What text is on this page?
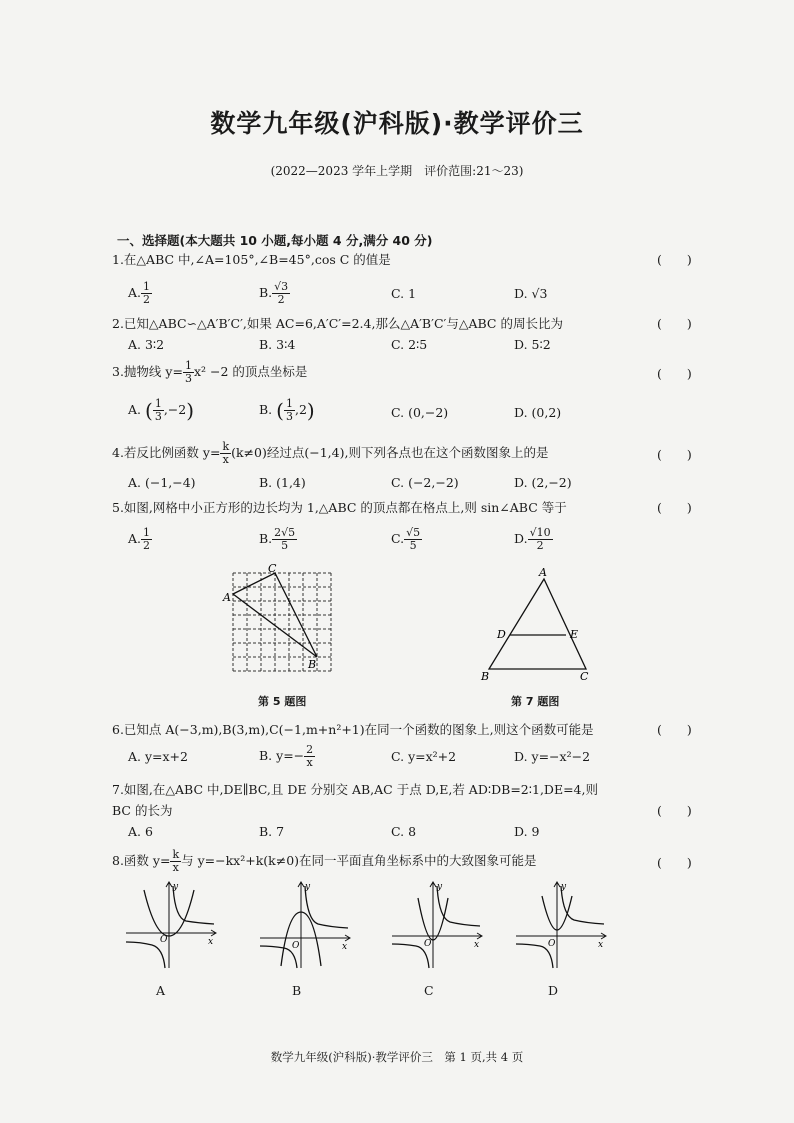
数学九年级(沪科版)·教学评价三
(2022—2023 学年上学期　评价范围:21～23)
一、选择题(本大题共 10 小题,每小题 4 分,满分 40 分)
1.在△ABC 中,∠A=105°,∠B=45°,cos C 的值是	(　　)
A. $\frac{1}{2}$	B. $\frac{√3}{2}$	C. 1	D. √3
2.已知△ABC∽△A′B′C′,如果 AC=6,A′C′=2.4,那么△A′B′C′与△ABC 的周长比为	(　　)
A. 3∶2	B. 3∶4	C. 2∶5	D. 5∶2
3.抛物线 $y= \frac{1}{3} x^2 -2$ 的顶点坐标是	(　　)
A. ( $\frac{1}{3} ,-2$)	B. ( $\frac{1}{3} ,2$)	C. (0,−2)	D. (0,2)
4.若反比例函数 $y= \frac{k}{x} (k\ne 0)$经过点(−1,4),则下列各点也在这个函数图象上的是	(　　)
A. (−1,−4)	B. (1,4)	C. (−2,−2)	D. (2,−2)
5.如图,网格中小正方形的边长均为 1,△ABC 的顶点都在格点上,则 sin∠ABC 等于	(　　)
A. $\frac{1}{2}$	B. $\frac{2√5}{5}$	C. $\frac{√5}{5}$	D. $\frac{√10}{2}$
A
B
C
第 5 题图
A
B	C
D	E
第 7 题图
6.已知点 A(−3,m),B(3,m),C(−1,m+n²+1)在同一个函数的图象上,则这个函数可能是	(　　)
A. y=x+2	B. $y=- \frac{2}{x}$	C. y=x²+2	D. y=−x²−2
7.如图,在△ABC 中,DE∥BC,且 DE 分别交 AB,AC 于点 D,E,若 AD∶DB=2∶1,DE=4,则
BC 的长为	(　　)
A. 6	B. 7	C. 8	D. 9
8.函数 $y= \frac{k}{x}$ 与 y=−kx²+k(k≠0)在同一平面直角坐标系中的大致图象可能是	(　　)
x
y
O
x
y
O	x
y
O	x
y
O
A	B	C	D
数学九年级(沪科版)·教学评价三　第 1 页,共 4 页
